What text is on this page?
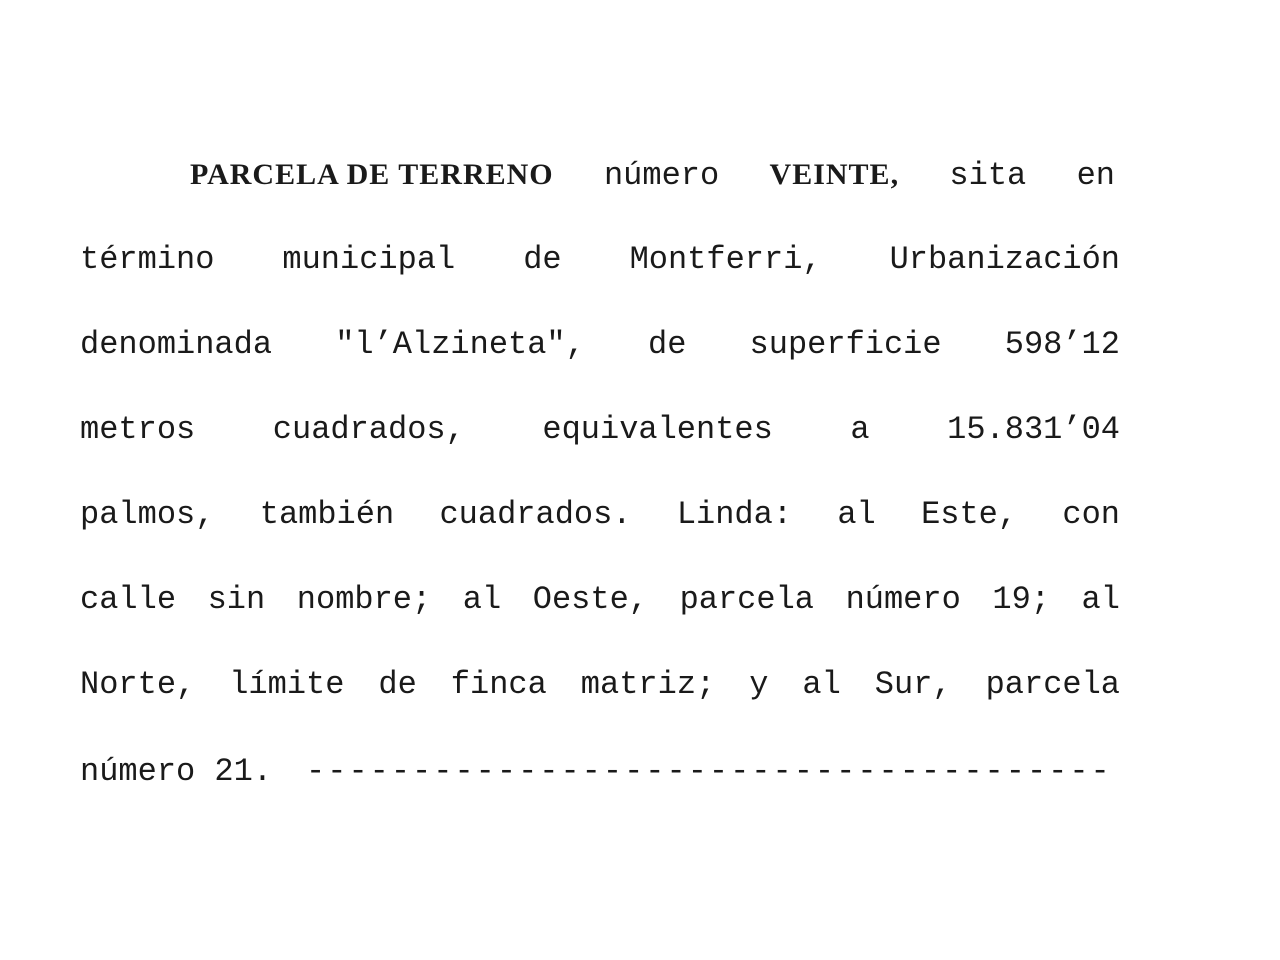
PARCELA DE TERRENO número VEINTE, sita en
término municipal de Montferri, Urbanización
denominada "l’Alzineta", de superficie 598’12
metros cuadrados, equivalentes a 15.831’04
palmos, también cuadrados. Linda: al Este, con
calle sin nombre; al Oeste, parcela número 19; al
Norte, límite de finca matriz; y al Sur, parcela
número 21. --------------------------------------
